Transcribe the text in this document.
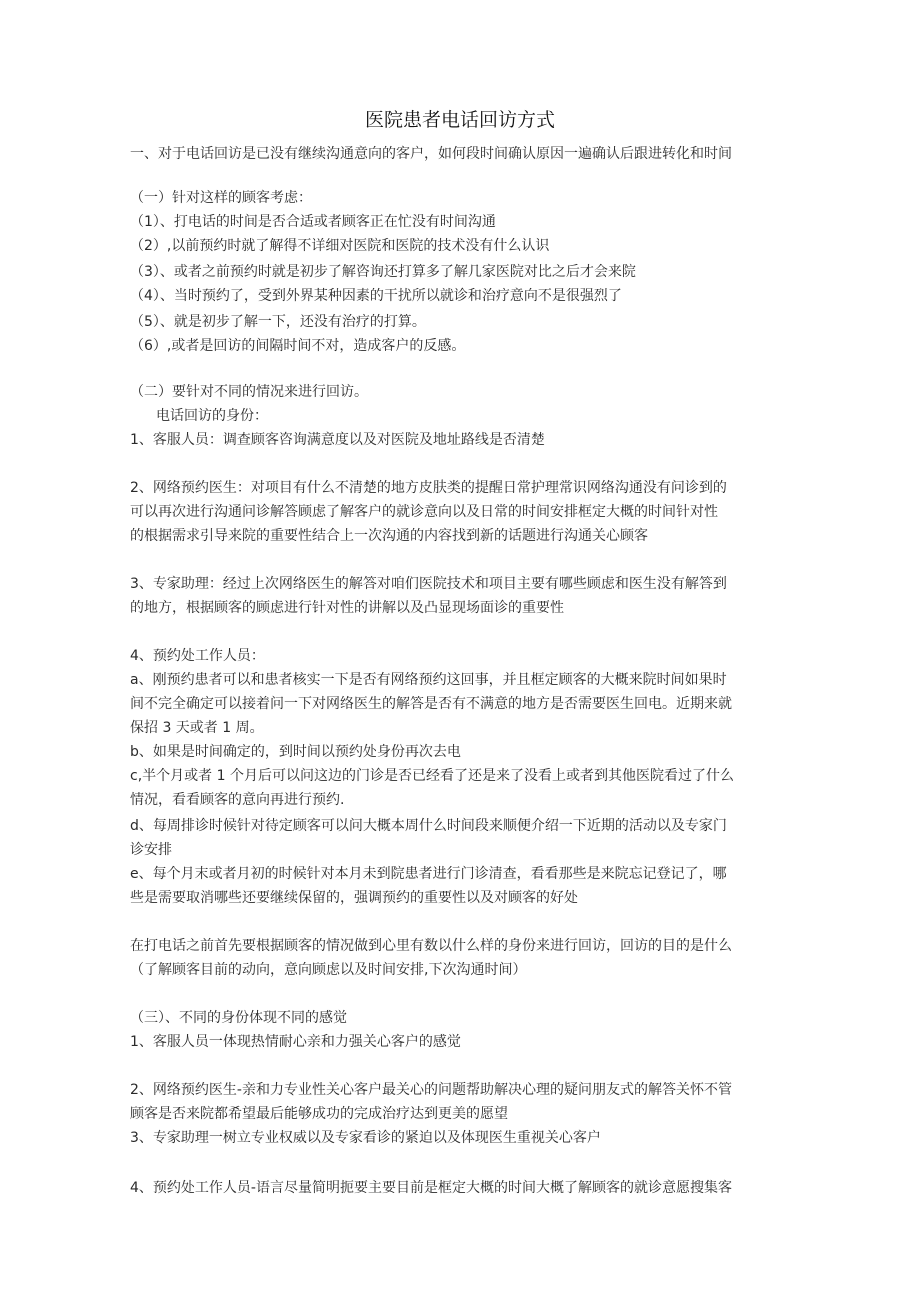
医院患者电话回访方式
一、对于电话回访是已没有继续沟通意向的客户，如何段时间确认原因一遍确认后跟进转化和时间
（一）针对这样的顾客考虑：
（1）、打电话的时间是否合适或者顾客正在忙没有时间沟通
（2）,以前预约时就了解得不详细对医院和医院的技术没有什么认识
（3）、或者之前预约时就是初步了解咨询还打算多了解几家医院对比之后才会来院
（4）、当时预约了，受到外界某种因素的干扰所以就诊和治疗意向不是很强烈了
（5）、就是初步了解一下，还没有治疗的打算。
（6）,或者是回访的间隔时间不对，造成客户的反感。
（二）要针对不同的情况来进行回访。
电话回访的身份：
1、客服人员：调查顾客咨询满意度以及对医院及地址路线是否清楚
2、网络预约医生：对项目有什么不清楚的地方皮肤类的提醒日常护理常识网络沟通没有问诊到的
可以再次进行沟通问诊解答顾虑了解客户的就诊意向以及日常的时间安排框定大概的时间针对性
的根据需求引导来院的重要性结合上一次沟通的内容找到新的话题进行沟通关心顾客
3、专家助理：经过上次网络医生的解答对咱们医院技术和项目主要有哪些顾虑和医生没有解答到
的地方，根据顾客的顾虑进行针对性的讲解以及凸显现场面诊的重要性
4、预约处工作人员：
a、刚预约患者可以和患者核实一下是否有网络预约这回事，并且框定顾客的大概来院时间如果时
间不完全确定可以接着问一下对网络医生的解答是否有不满意的地方是否需要医生回电。近期来就
保招 3 天或者 1 周。
b、如果是时间确定的，到时间以预约处身份再次去电
c,半个月或者 1 个月后可以问这边的门诊是否已经看了还是来了没看上或者到其他医院看过了什么
情况，看看顾客的意向再进行预约.
d、每周排诊时候针对待定顾客可以问大概本周什么时间段来顺便介绍一下近期的活动以及专家门
诊安排
e、每个月末或者月初的时候针对本月未到院患者进行门诊清查，看看那些是来院忘记登记了，哪
些是需要取消哪些还要继续保留的，强调预约的重要性以及对顾客的好处
在打电话之前首先要根据顾客的情况做到心里有数以什么样的身份来进行回访，回访的目的是什么
（了解顾客目前的动向，意向顾虑以及时间安排,下次沟通时间）
（三）、不同的身份体现不同的感觉
1、客服人员一体现热情耐心亲和力强关心客户的感觉
2、网络预约医生-亲和力专业性关心客户最关心的问题帮助解决心理的疑问朋友式的解答关怀不管
顾客是否来院都希望最后能够成功的完成治疗达到更美的愿望
3、专家助理一树立专业权威以及专家看诊的紧迫以及体现医生重视关心客户
4、预约处工作人员-语言尽量简明扼要主要目前是框定大概的时间大概了解顾客的就诊意愿搜集客
